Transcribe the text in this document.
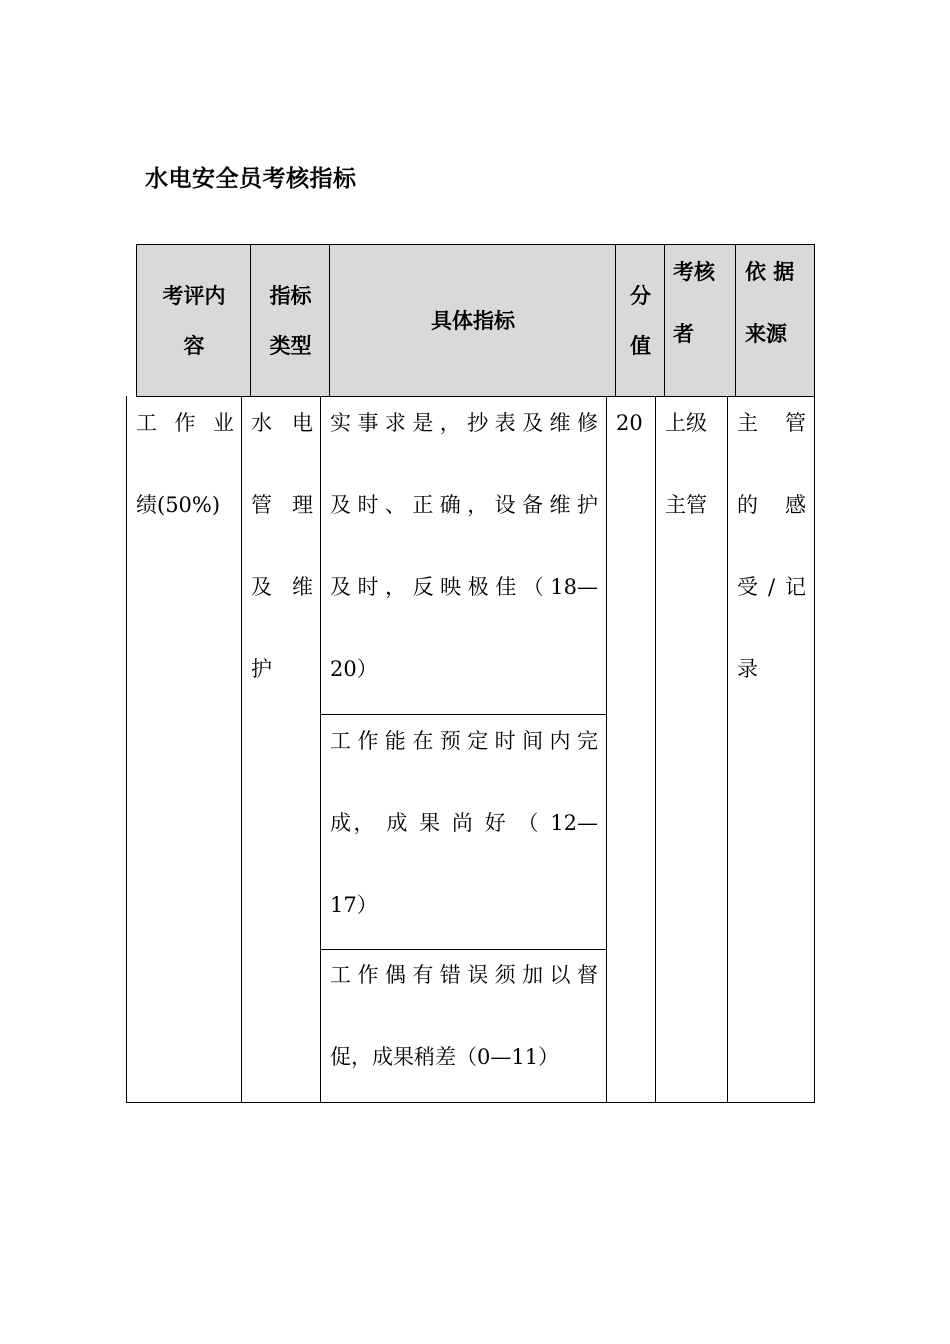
水电安全员考核指标
考评内
容
指标
类型
具体指标
分
值
考核
者
依 据
来源
工 作 业
绩(50%)
水 电
管 理
及 维
护
实事求是，抄表及维修
及时、正确，设备维护
及时，反映极佳（18—
20）
工作能在预定时间内完
成， 成 果 尚 好 （ 12—
17）
工作偶有错误须加以督
促，成果稍差（0—11）
20 上级
主管
主　管
的　感
受/记
录
